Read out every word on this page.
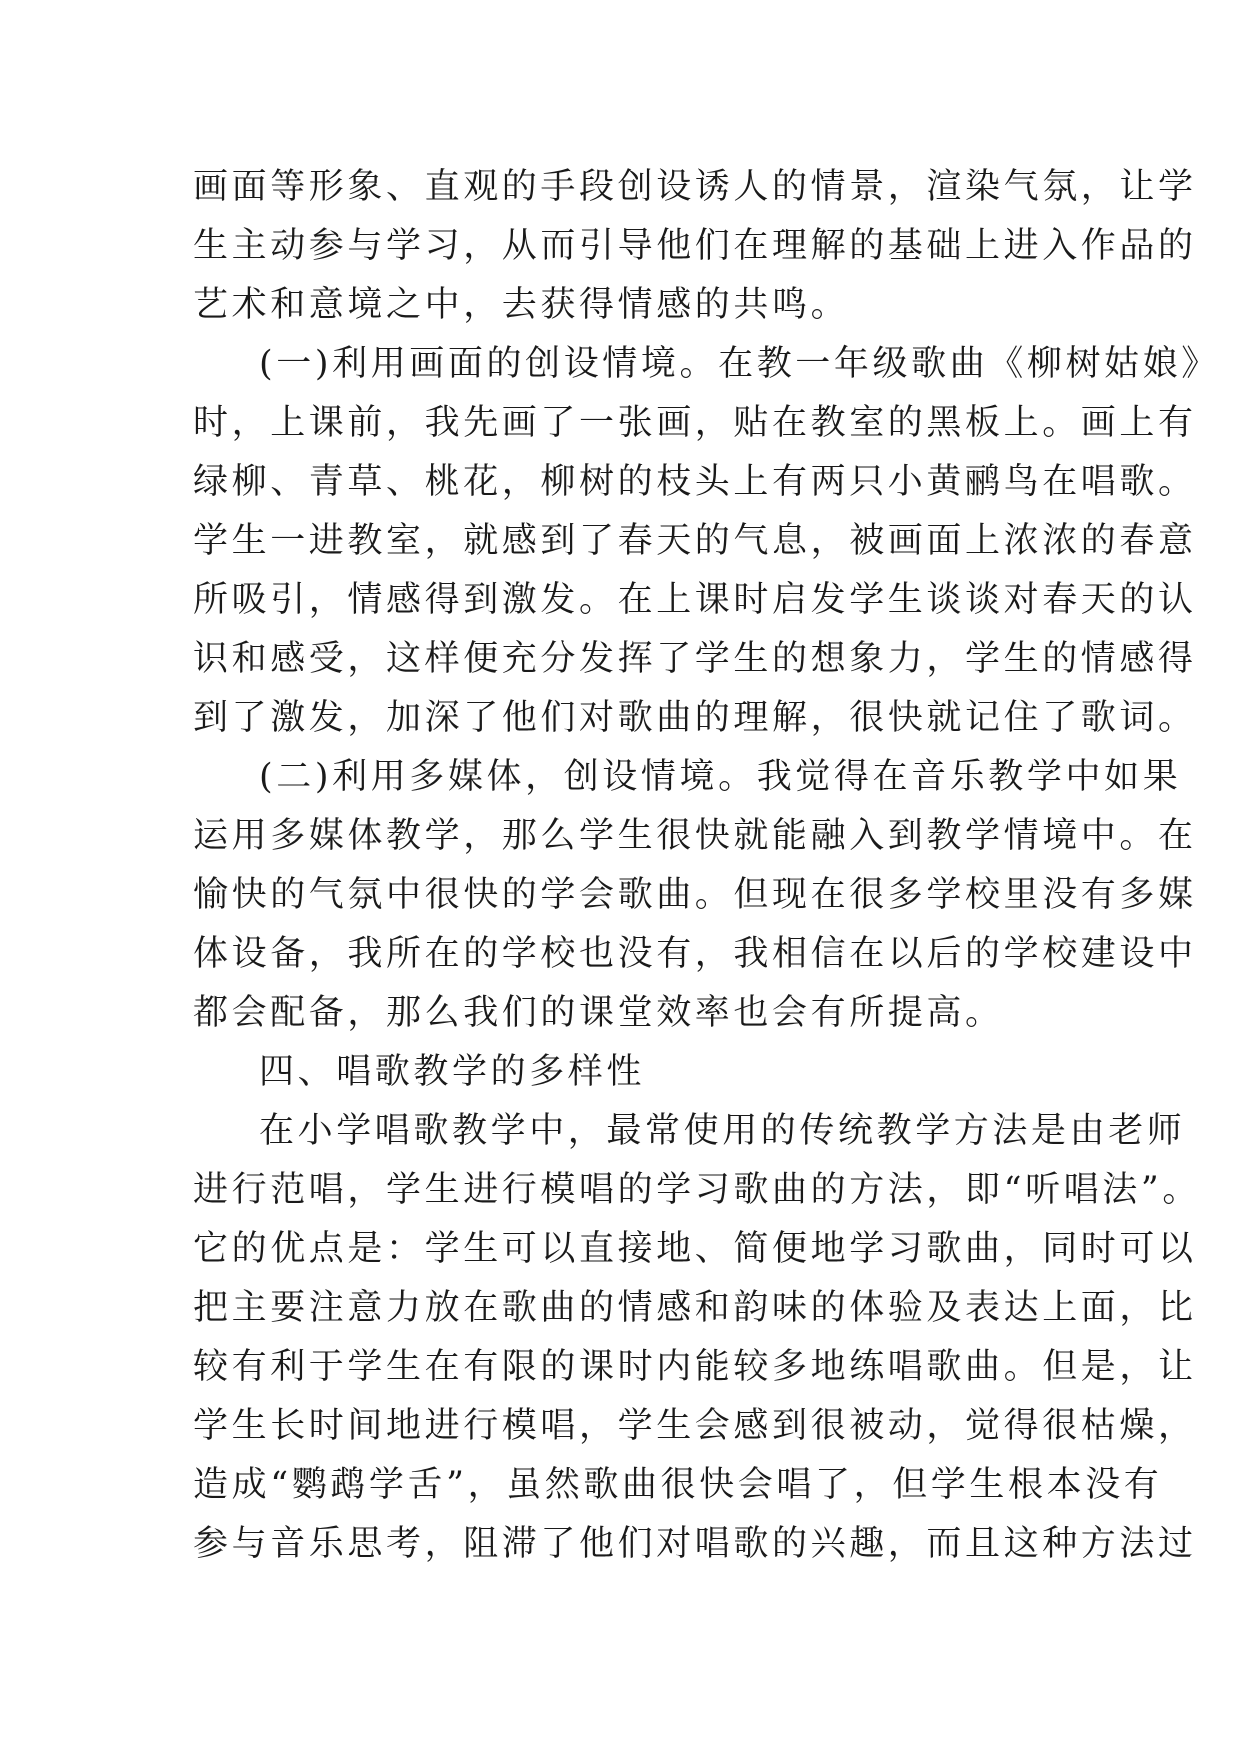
画面等形象、直观的手段创设诱人的情景，渲染气氛，让学
生主动参与学习，从而引导他们在理解的基础上进入作品的
艺术和意境之中，去获得情感的共鸣。
(一)利用画面的创设情境。在教一年级歌曲《柳树姑娘》
时，上课前，我先画了一张画，贴在教室的黑板上。画上有
绿柳、青草、桃花，柳树的枝头上有两只小黄鹂鸟在唱歌。
学生一进教室，就感到了春天的气息，被画面上浓浓的春意
所吸引，情感得到激发。在上课时启发学生谈谈对春天的认
识和感受，这样便充分发挥了学生的想象力，学生的情感得
到了激发，加深了他们对歌曲的理解，很快就记住了歌词。
(二)利用多媒体，创设情境。我觉得在音乐教学中如果
运用多媒体教学，那么学生很快就能融入到教学情境中。在
愉快的气氛中很快的学会歌曲。但现在很多学校里没有多媒
体设备，我所在的学校也没有，我相信在以后的学校建设中
都会配备，那么我们的课堂效率也会有所提高。
四、唱歌教学的多样性
在小学唱歌教学中，最常使用的传统教学方法是由老师
进行范唱，学生进行模唱的学习歌曲的方法，即“听唱法”。
它的优点是：学生可以直接地、简便地学习歌曲，同时可以
把主要注意力放在歌曲的情感和韵味的体验及表达上面，比
较有利于学生在有限的课时内能较多地练唱歌曲。但是，让
学生长时间地进行模唱，学生会感到很被动，觉得很枯燥，
造成“鹦鹉学舌”，虽然歌曲很快会唱了，但学生根本没有
参与音乐思考，阻滞了他们对唱歌的兴趣，而且这种方法过
